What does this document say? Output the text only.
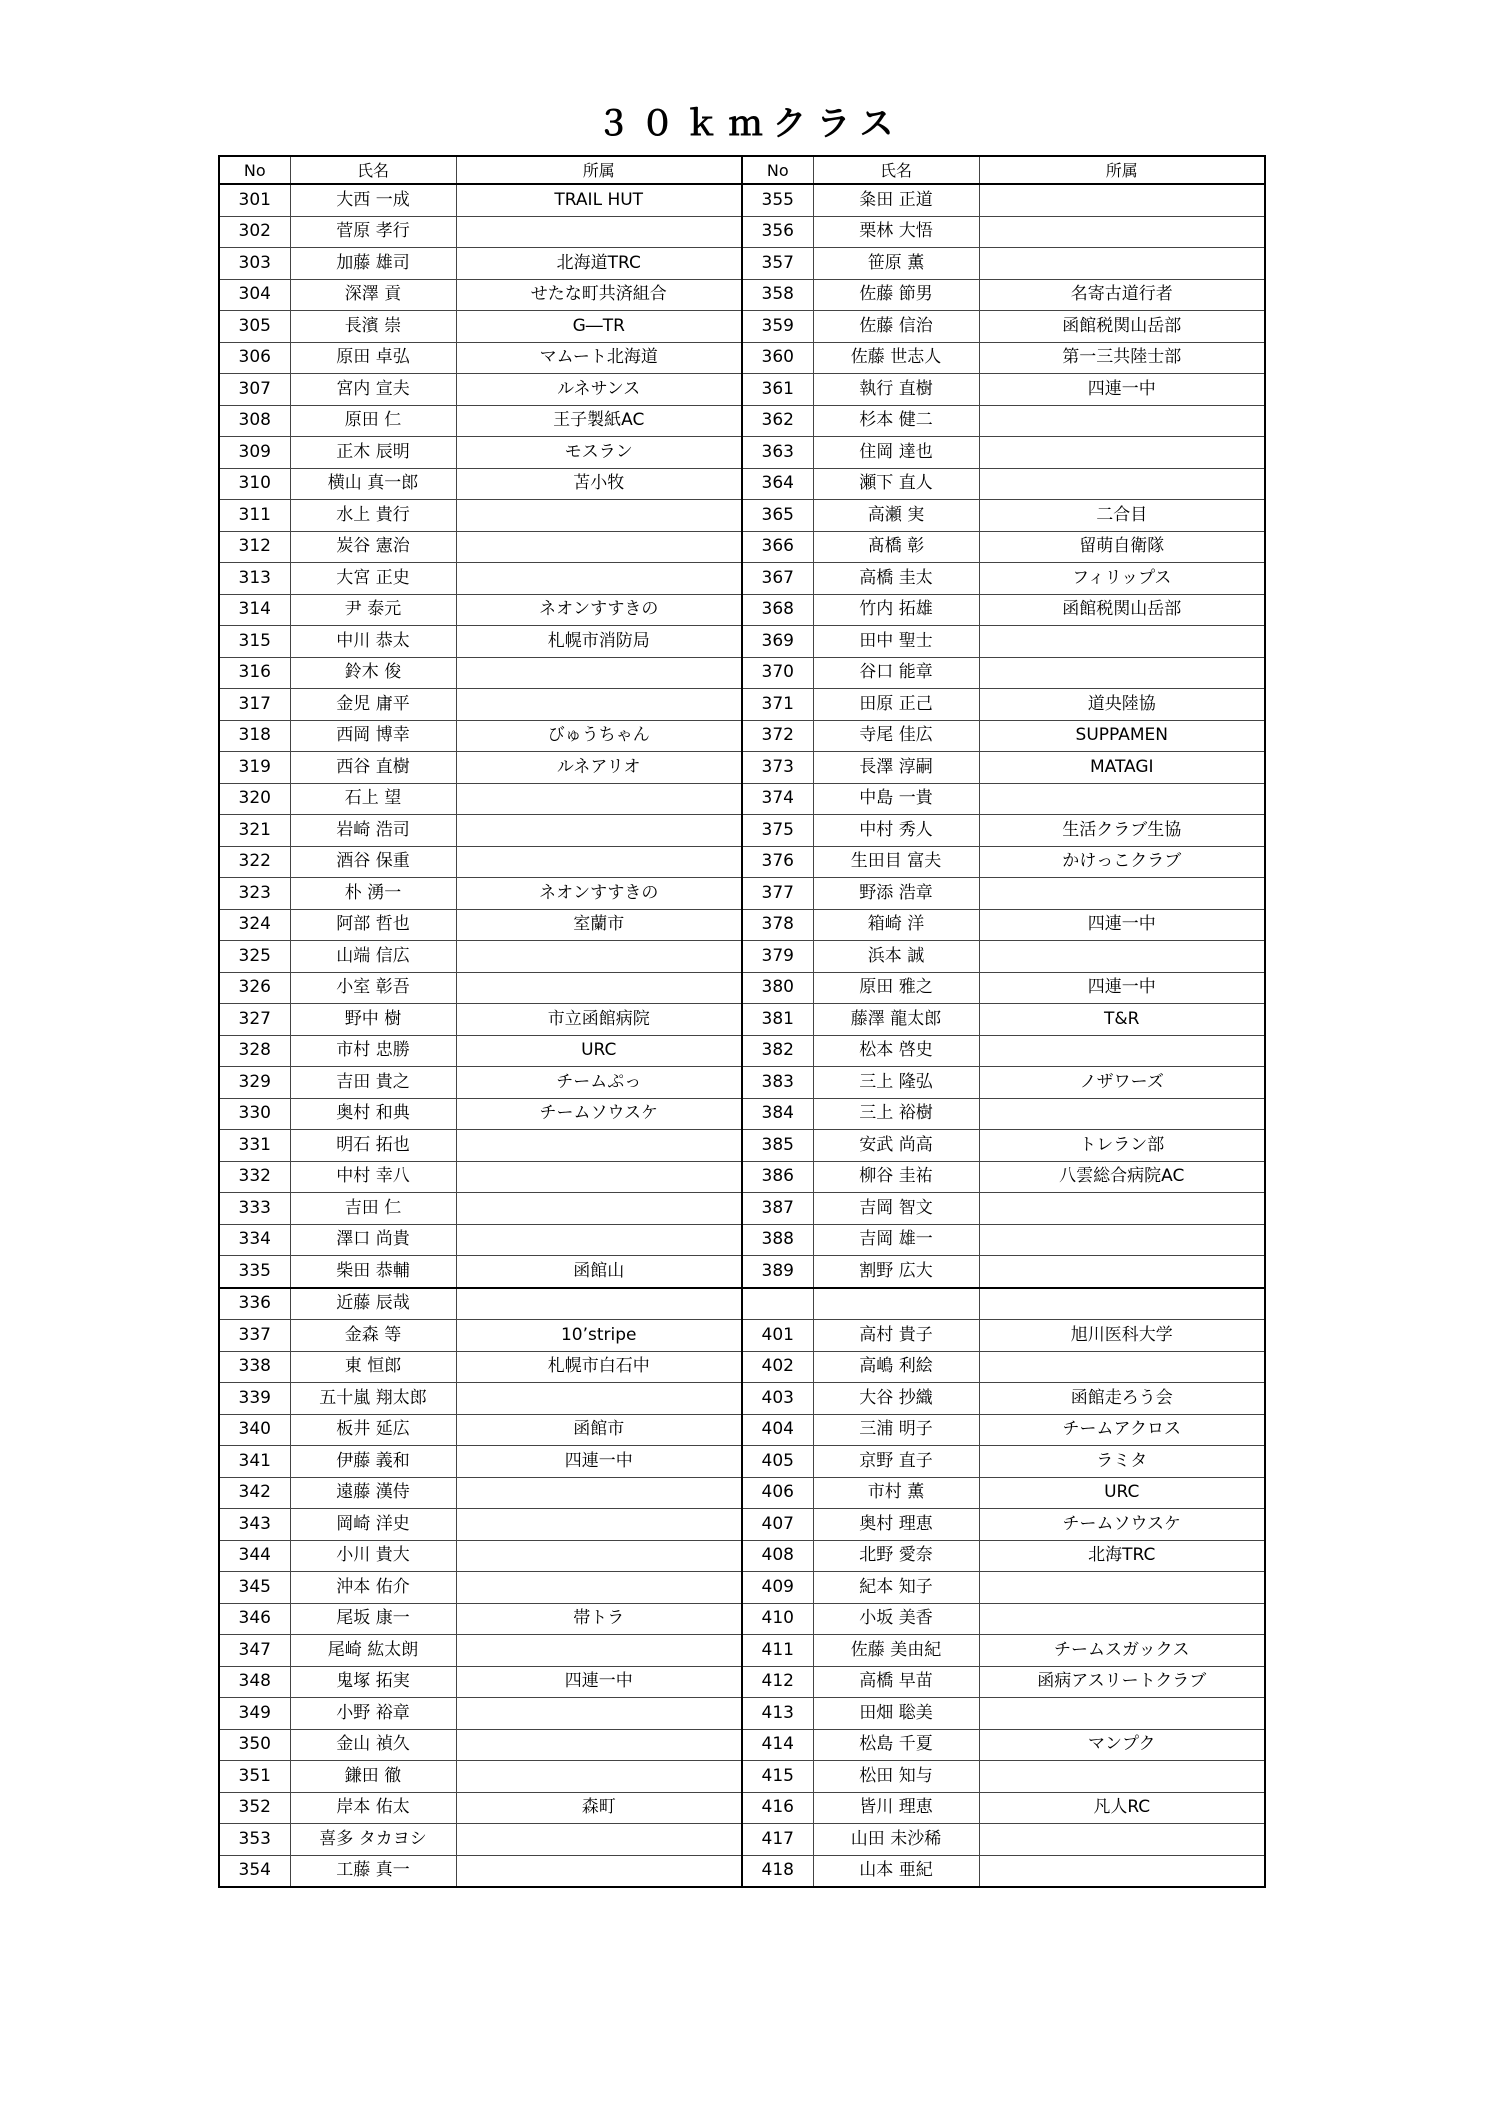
３０ｋｍクラス
No	氏名	所属	No	氏名	所属
301	大西 一成	TRAIL HUT	355	粂田 正道	
302	菅原 孝行		356	栗林 大悟	
303	加藤 雄司	北海道TRC	357	笹原 薫	
304	深澤 貢	せたな町共済組合	358	佐藤 節男	名寄古道行者
305	長濱 崇	G―TR	359	佐藤 信治	函館税関山岳部
306	原田 卓弘	マムート北海道	360	佐藤 世志人	第一三共陸士部
307	宮内 宣夫	ルネサンス	361	執行 直樹	四連一中
308	原田 仁	王子製紙AC	362	杉本 健二	
309	正木 辰明	モスラン	363	住岡 達也	
310	横山 真一郎	苫小牧	364	瀬下 直人	
311	水上 貴行		365	高瀬 実	二合目
312	炭谷 憲治		366	髙橋 彰	留萌自衛隊
313	大宮 正史		367	高橋 圭太	フィリップス
314	尹 泰元	ネオンすすきの	368	竹内 拓雄	函館税関山岳部
315	中川 恭太	札幌市消防局	369	田中 聖士	
316	鈴木 俊		370	谷口 能章	
317	金児 庸平		371	田原 正己	道央陸協
318	西岡 博幸	びゅうちゃん	372	寺尾 佳広	SUPPAMEN
319	西谷 直樹	ルネアリオ	373	長澤 淳嗣	MATAGI
320	石上 望		374	中島 一貴	
321	岩崎 浩司		375	中村 秀人	生活クラブ生協
322	酒谷 保重		376	生田目 富夫	かけっこクラブ
323	朴 湧一	ネオンすすきの	377	野添 浩章	
324	阿部 哲也	室蘭市	378	箱崎 洋	四連一中
325	山端 信広		379	浜本 誠	
326	小室 彰吾		380	原田 雅之	四連一中
327	野中 樹	市立函館病院	381	藤澤 龍太郎	T&R
328	市村 忠勝	URC	382	松本 啓史	
329	吉田 貴之	チームぷっ	383	三上 隆弘	ノザワーズ
330	奥村 和典	チームソウスケ	384	三上 裕樹	
331	明石 拓也		385	安武 尚高	トレラン部
332	中村 幸八		386	柳谷 圭祐	八雲総合病院AC
333	吉田 仁		387	吉岡 智文	
334	澤口 尚貴		388	吉岡 雄一	
335	柴田 恭輔	函館山	389	割野 広大	
336	近藤 辰哉				
337	金森 等	10’stripe	401	高村 貴子	旭川医科大学
338	東 恒郎	札幌市白石中	402	高嶋 利絵	
339	五十嵐 翔太郎		403	大谷 抄織	函館走ろう会
340	板井 延広	函館市	404	三浦 明子	チームアクロス
341	伊藤 義和	四連一中	405	京野 直子	ラミタ
342	遠藤 漢侍		406	市村 薫	URC
343	岡崎 洋史		407	奥村 理恵	チームソウスケ
344	小川 貴大		408	北野 愛奈	北海TRC
345	沖本 佑介		409	紀本 知子	
346	尾坂 康一	帯トラ	410	小坂 美香	
347	尾崎 紘太朗		411	佐藤 美由紀	チームスガックス
348	鬼塚 拓実	四連一中	412	高橋 早苗	函病アスリートクラブ
349	小野 裕章		413	田畑 聡美	
350	金山 禎久		414	松島 千夏	マンプク
351	鎌田 徹		415	松田 知与	
352	岸本 佑太	森町	416	皆川 理恵	凡人RC
353	喜多 タカヨシ		417	山田 未沙稀	
354	工藤 真一		418	山本 亜紀	
